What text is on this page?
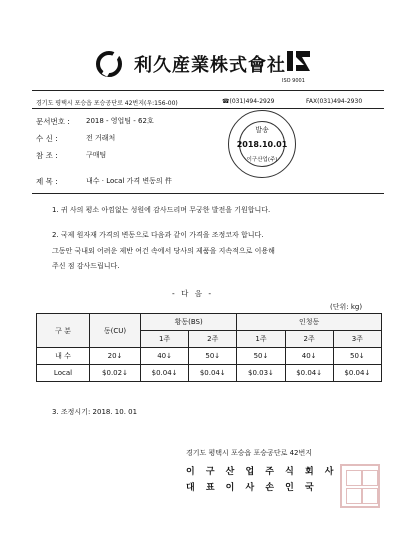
利久産業株式會社
ISO 9001
경기도 평택시 포승읍 포승공단로 42번지(우:156-00)	☎(031)494-2929	FAX(031)494-2930
문서번호 : 2018 - 영업팀 - 62호
수 신 :	전 거래처
참 조 :	구매팀
제 목 :	내수 · Local 가격 변동의 件
발송
2018.10.01
이구산업(주)
1. 귀 사의 평소 아낌없는 성원에 감사드리며 무궁한 발전을 기원합니다.
2. 국제 원자재 가격의 변동으로 다음과 같이 가격을 조정코자 합니다.
그동안 국내외 어려운 제반 여건 속에서 당사의 제품을 지속적으로 이용해
주신 점 감사드립니다.
- 다 음 -
(단위: kg)
구 분	동(CU)	황동(BS)		인청동		
		1주	2주	1주	2주	3주
내 수	20↓	40↓	50↓	50↓	40↓	50↓
Local	$0.02↓	$0.04↓	$0.04↓	$0.03↓	$0.04↓	$0.04↓
3. 조정시기: 2018. 10. 01
경기도 평택시 포승읍 포승공단로 42번지
이 구 산 업 주 식 회 사
대 표 이 사 손 인 국
